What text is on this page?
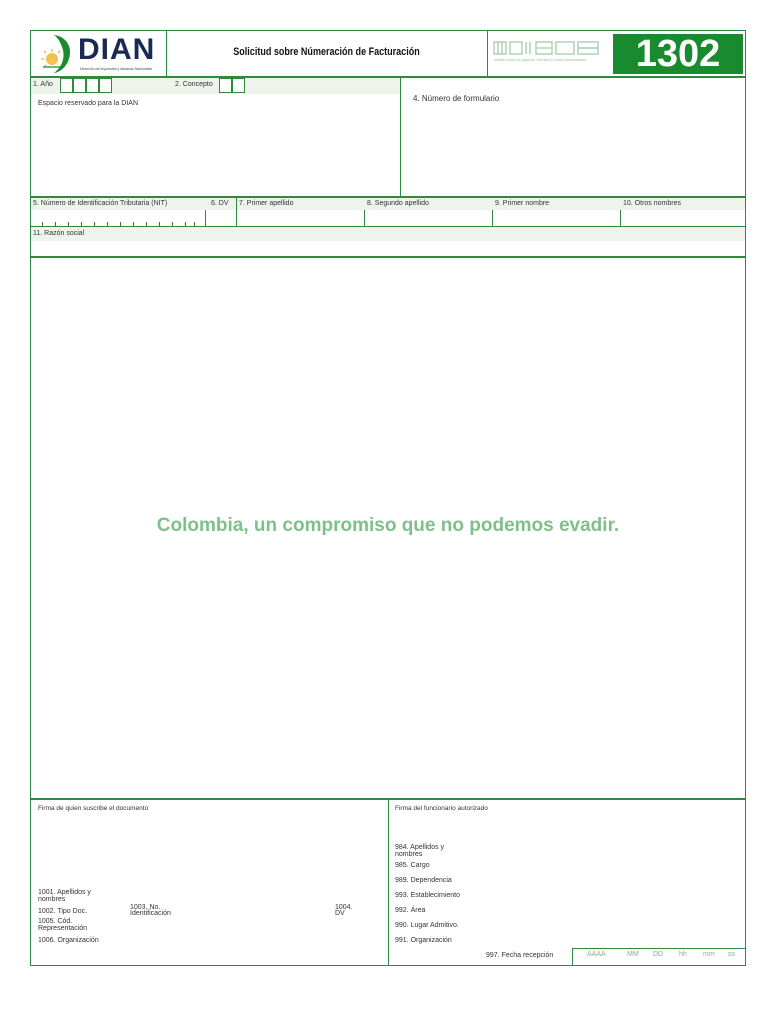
DIAN
Dirección de Impuestos y Aduanas Nacionales
Solicitud sobre Númeración de Facturación
Modelo Único de Ingresos, Servicio y Control Automatizado	1302
1. Año	2. Concepto
Espacio reservado para la DIAN
4. Número de formulario
5. Número de Identificación Tributaria (NIT)	6. DV 7. Primer apellido	8. Segundo apellido	9. Primer nombre	10. Otros nombres
11. Razón social
Colombia, un compromiso que no podemos evadir.
Firma de quien suscribe el documento
1001. Apellidos y nombres
1002. Tipo Doc.
1003. No. Identificación
1004. DV
1005. Cód. Representación
1006. Organización
Firma del funcionario autorizado
984. Apellidos y nombres
985. Cargo
989. Dependencia
993. Establecimiento
992. Área
990. Lugar Admitivo.
991. Organización
997. Fecha recepción	AAAA	MM DD hh mm ss
